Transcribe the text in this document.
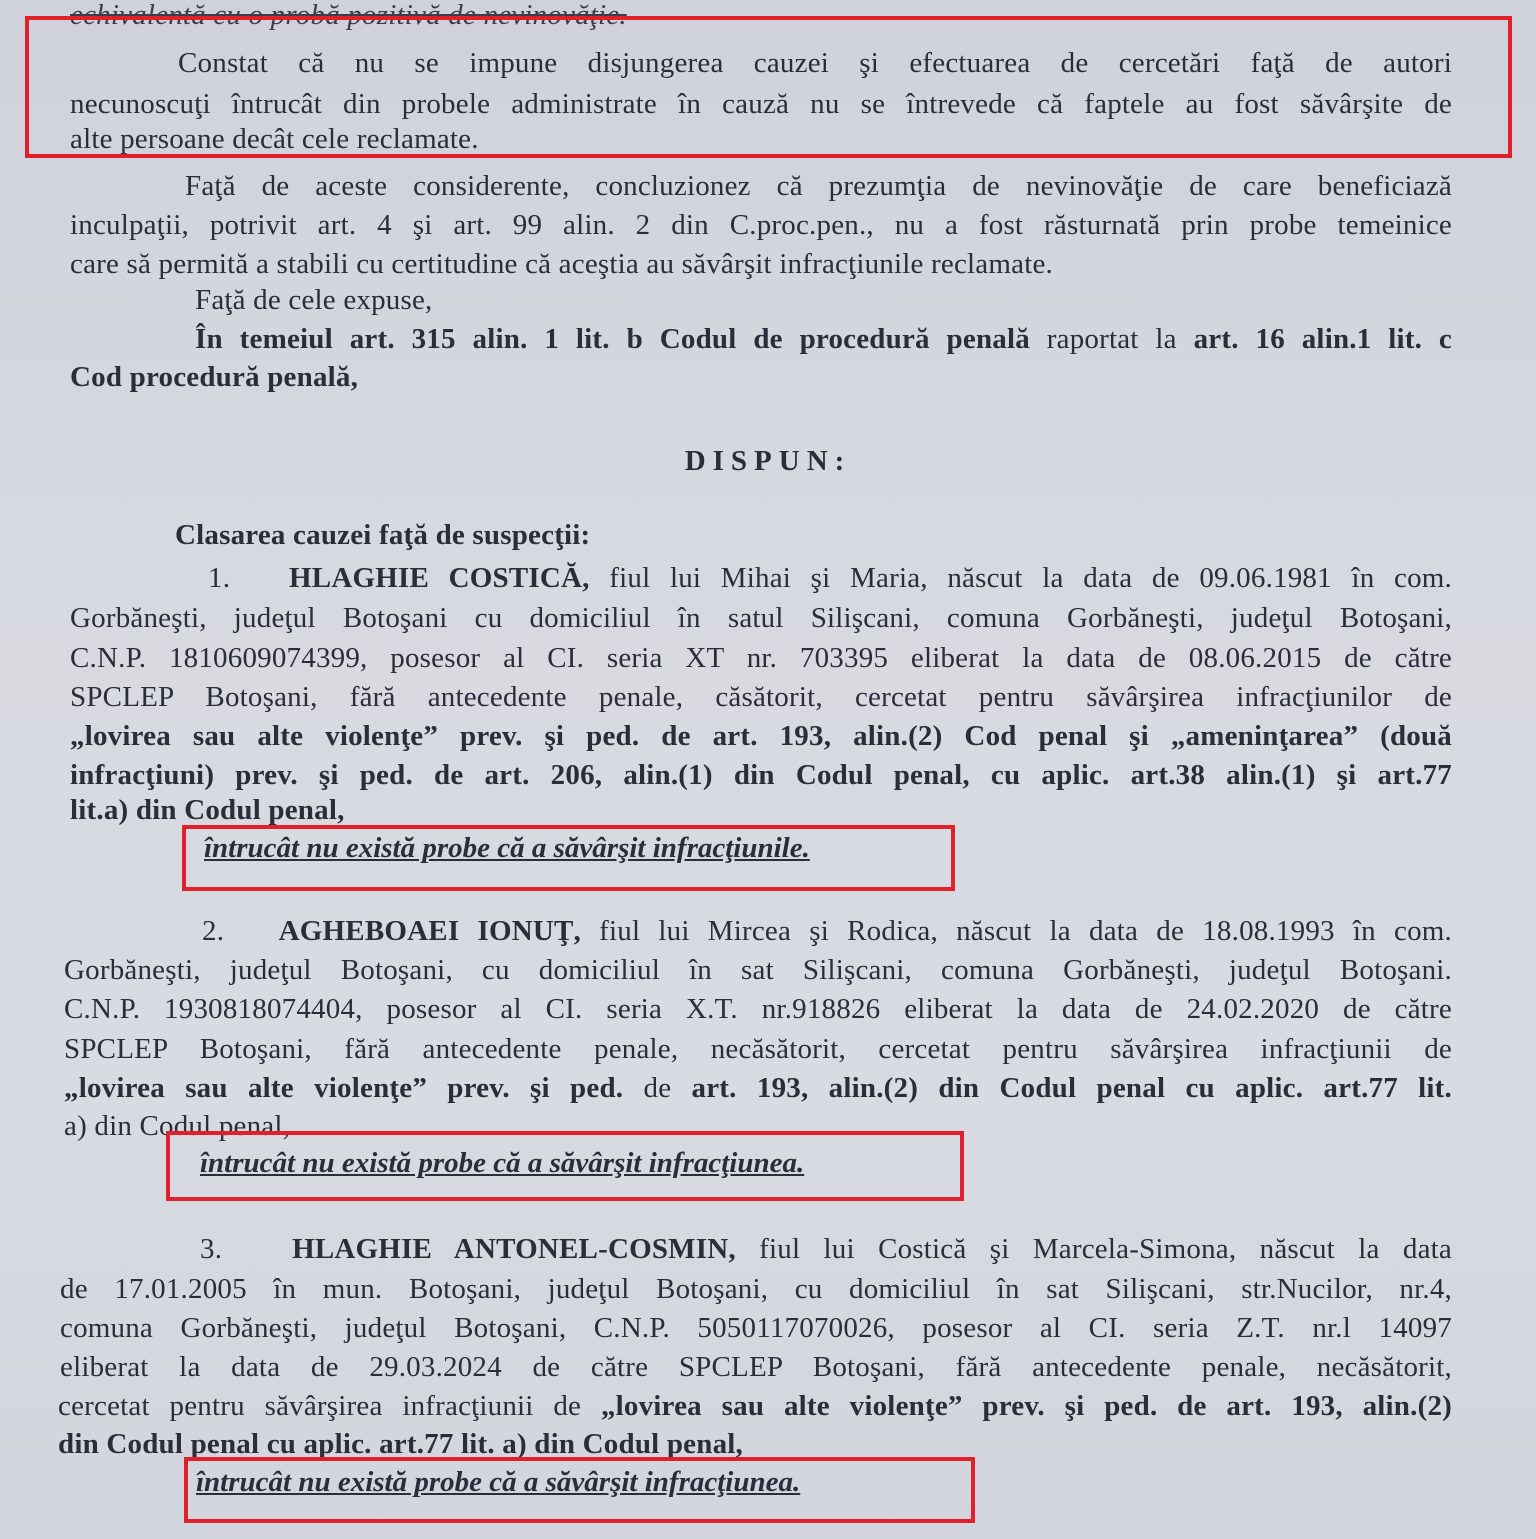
echivalentă cu o probă pozitivă de nevinovăţie.
Constat că nu se impune disjungerea cauzei şi efectuarea de cercetări faţă de autori
necunoscuţi întrucât din probele administrate în cauză nu se întrevede că faptele au fost săvârşite de
alte persoane decât cele reclamate.
Faţă de aceste considerente, concluzionez că prezumţia de nevinovăţie de care beneficiază
inculpaţii, potrivit art. 4 şi art. 99 alin. 2 din C.proc.pen., nu a fost răsturnată prin probe temeinice
care să permită a stabili cu certitudine că aceştia au săvârşit infracţiunile reclamate.
Faţă de cele expuse,
În temeiul art. 315 alin. 1 lit. b Codul de procedură penală raportat la art. 16 alin.1 lit. c
Cod procedură penală,
DISPUN:
Clasarea cauzei faţă de suspecţii:
1. HLAGHIE COSTICĂ, fiul lui Mihai şi Maria, născut la data de 09.06.1981 în com.
Gorbăneşti, judeţul Botoşani cu domiciliul în satul Silişcani, comuna Gorbăneşti, judeţul Botoşani,
C.N.P. 1810609074399, posesor al CI. seria XT nr. 703395 eliberat la data de 08.06.2015 de către
SPCLEP Botoşani, fără antecedente penale, căsătorit, cercetat pentru săvârşirea infracţiunilor de
„lovirea sau alte violenţe” prev. şi ped. de art. 193, alin.(2) Cod penal şi „ameninţarea” (două
infracţiuni) prev. şi ped. de art. 206, alin.(1) din Codul penal, cu aplic. art.38 alin.(1) şi art.77
lit.a) din Codul penal,
întrucât nu există probe că a săvârşit infracţiunile.
2. AGHEBOAEI IONUŢ, fiul lui Mircea şi Rodica, născut la data de 18.08.1993 în com.
Gorbăneşti, judeţul Botoşani, cu domiciliul în sat Silişcani, comuna Gorbăneşti, judeţul Botoşani.
C.N.P. 1930818074404, posesor al CI. seria X.T. nr.918826 eliberat la data de 24.02.2020 de către
SPCLEP Botoşani, fără antecedente penale, necăsătorit, cercetat pentru săvârşirea infracţiunii de
„lovirea sau alte violenţe” prev. şi ped. de art. 193, alin.(2) din Codul penal cu aplic. art.77 lit.
a) din Codul penal,
întrucât nu există probe că a săvârşit infracţiunea.
3. HLAGHIE ANTONEL-COSMIN, fiul lui Costică şi Marcela-Simona, născut la data
de 17.01.2005 în mun. Botoşani, judeţul Botoşani, cu domiciliul în sat Silişcani, str.Nucilor, nr.4,
comuna Gorbăneşti, judeţul Botoşani, C.N.P. 5050117070026, posesor al CI. seria Z.T. nr.l 14097
eliberat la data de 29.03.2024 de către SPCLEP Botoşani, fără antecedente penale, necăsătorit,
cercetat pentru săvârşirea infracţiunii de „lovirea sau alte violenţe” prev. şi ped. de art. 193, alin.(2)
din Codul penal cu aplic. art.77 lit. a) din Codul penal,
întrucât nu există probe că a săvârşit infracţiunea.
